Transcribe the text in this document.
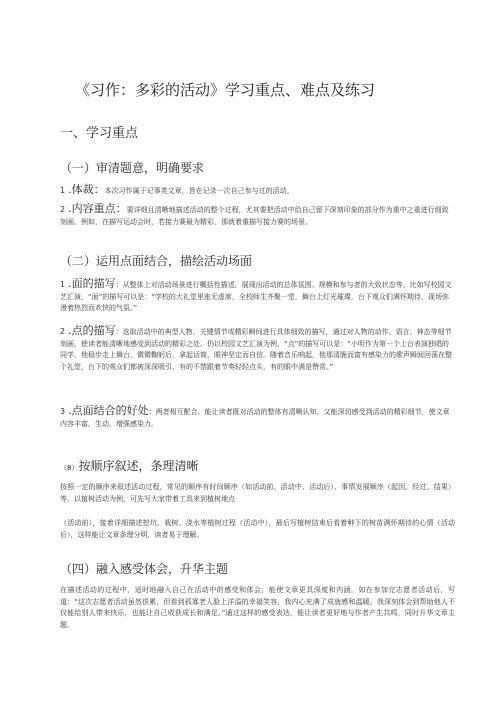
《习作：多彩的活动》学习重点、难点及练习
一、学习重点
（一）审清题意，明确要求

1 .体裁：本次习作属于记事类文章，旨在记录一次自己参与过的活动。

2 .内容重点：要详细且清晰地描述活动的整个过程，尤其要把活动中给自己留下深刻印象的部分作为重中之重进行细致刻画。例如，在描写运动会时，若接力赛最为精彩，那就着重描写接力赛的场景。

（二）运用点面结合，描绘活动场面

1 .面的描写：从整体上对活动场景进行概括性描述，展现出活动的总体氛围、规模和参与者的大致状态等。比如写校园文艺汇演，“面”的描写可以是：“学校的大礼堂里座无虚席，全校师生齐聚一堂，舞台上灯光璀璨，台下观众们满怀期待，现场弥漫着热烈而欢快的气氛。”

2 .点的描写：选取活动中的典型人物、关键情节或精彩瞬间进行具体细致的描写，通过对人物的动作、语言、神态等细节刻画，使读者能清晰地感受到活动的精彩之处。仍以校园文艺汇演为例，“点”的描写可以是：“小明作为第一个上台表演独唱的同学，他稳步走上舞台，微微鞠躬后，拿起话筒，眼神坚定而自信。随着音乐响起，他那清脆而富有感染力的歌声瞬间回荡在整个礼堂，台下的观众们都被深深吸引，有的不禁跟着节奏轻轻点头，有的眼中满是赞赏。”

3 .点面结合的好处：两者相互配合，能让读者既对活动的整体有清晰认知，又能深切感受到活动的精彩细节，使文章内容丰富、生动，增强感染力。

（8）按顺序叙述，条理清晰

按照一定的顺序来叙述活动过程，常见的顺序有时间顺序（如活动前、活动中、活动后）、事情发展顺序（起因、经过、结果）等。以植树活动为例，可先写大家带着工具来到植树地点

（活动前），接着详细描述挖坑、栽树、浇水等植树过程（活动中），最后写植树结束后看着种下的树苗满怀期待的心情（活动后），这样能让文章条理分明，读者易于理解。

（四）融入感受体会，升华主题

在描述活动的过程中，适时地融入自己在活动中的感受和体会，能使文章更具深度和内涵。如在参加完志愿者活动后，写道：“这次志愿者活动虽然很累，但看到孤寡老人脸上洋溢的幸福笑容，我内心充满了成就感和温暖。我深刻体会到帮助他人不仅能给别人带来快乐，也能让自己收获成长和满足。”通过这样的感受表达，能让读者更好地与作者产生共鸣，同时升华文章主题。
